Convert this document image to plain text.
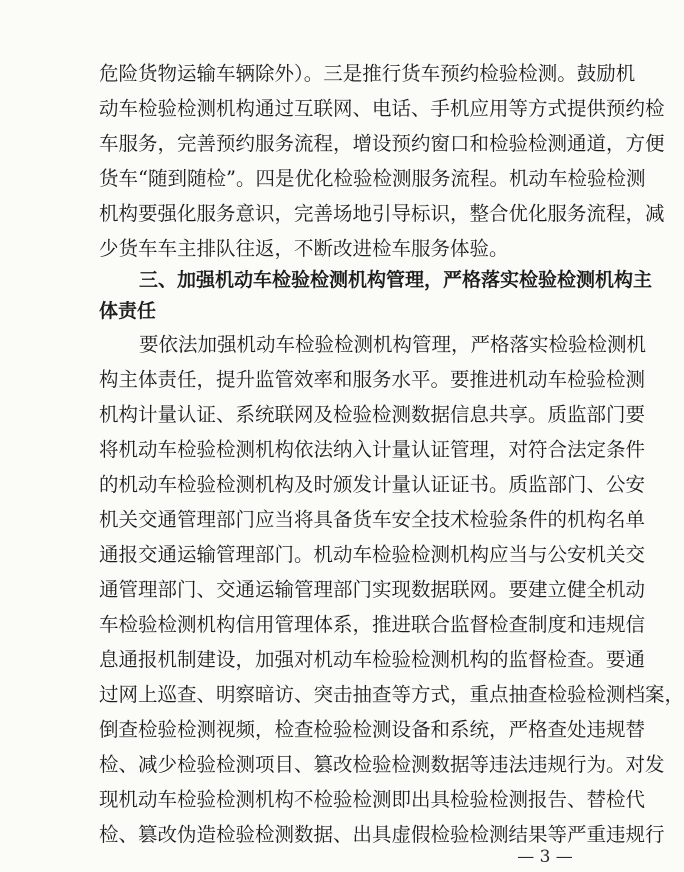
危险货物运输车辆除外）。三是推行货车预约检验检测。鼓励机
动车检验检测机构通过互联网、电话、手机应用等方式提供预约检
车服务，完善预约服务流程，增设预约窗口和检验检测通道，方便
货车“随到随检”。四是优化检验检测服务流程。机动车检验检测
机构要强化服务意识，完善场地引导标识，整合优化服务流程，减
少货车车主排队往返，不断改进检车服务体验。
三、加强机动车检验检测机构管理，严格落实检验检测机构主
体责任
要依法加强机动车检验检测机构管理，严格落实检验检测机
构主体责任，提升监管效率和服务水平。要推进机动车检验检测
机构计量认证、系统联网及检验检测数据信息共享。质监部门要
将机动车检验检测机构依法纳入计量认证管理，对符合法定条件
的机动车检验检测机构及时颁发计量认证证书。质监部门、公安
机关交通管理部门应当将具备货车安全技术检验条件的机构名单
通报交通运输管理部门。机动车检验检测机构应当与公安机关交
通管理部门、交通运输管理部门实现数据联网。要建立健全机动
车检验检测机构信用管理体系，推进联合监督检查制度和违规信
息通报机制建设，加强对机动车检验检测机构的监督检查。要通
过网上巡查、明察暗访、突击抽查等方式，重点抽查检验检测档案，
倒查检验检测视频，检查检验检测设备和系统，严格查处违规替
检、减少检验检测项目、篡改检验检测数据等违法违规行为。对发
现机动车检验检测机构不检验检测即出具检验检测报告、替检代
— 3 —
检、篡改伪造检验检测数据、出具虚假检验检测结果等严重违规行
